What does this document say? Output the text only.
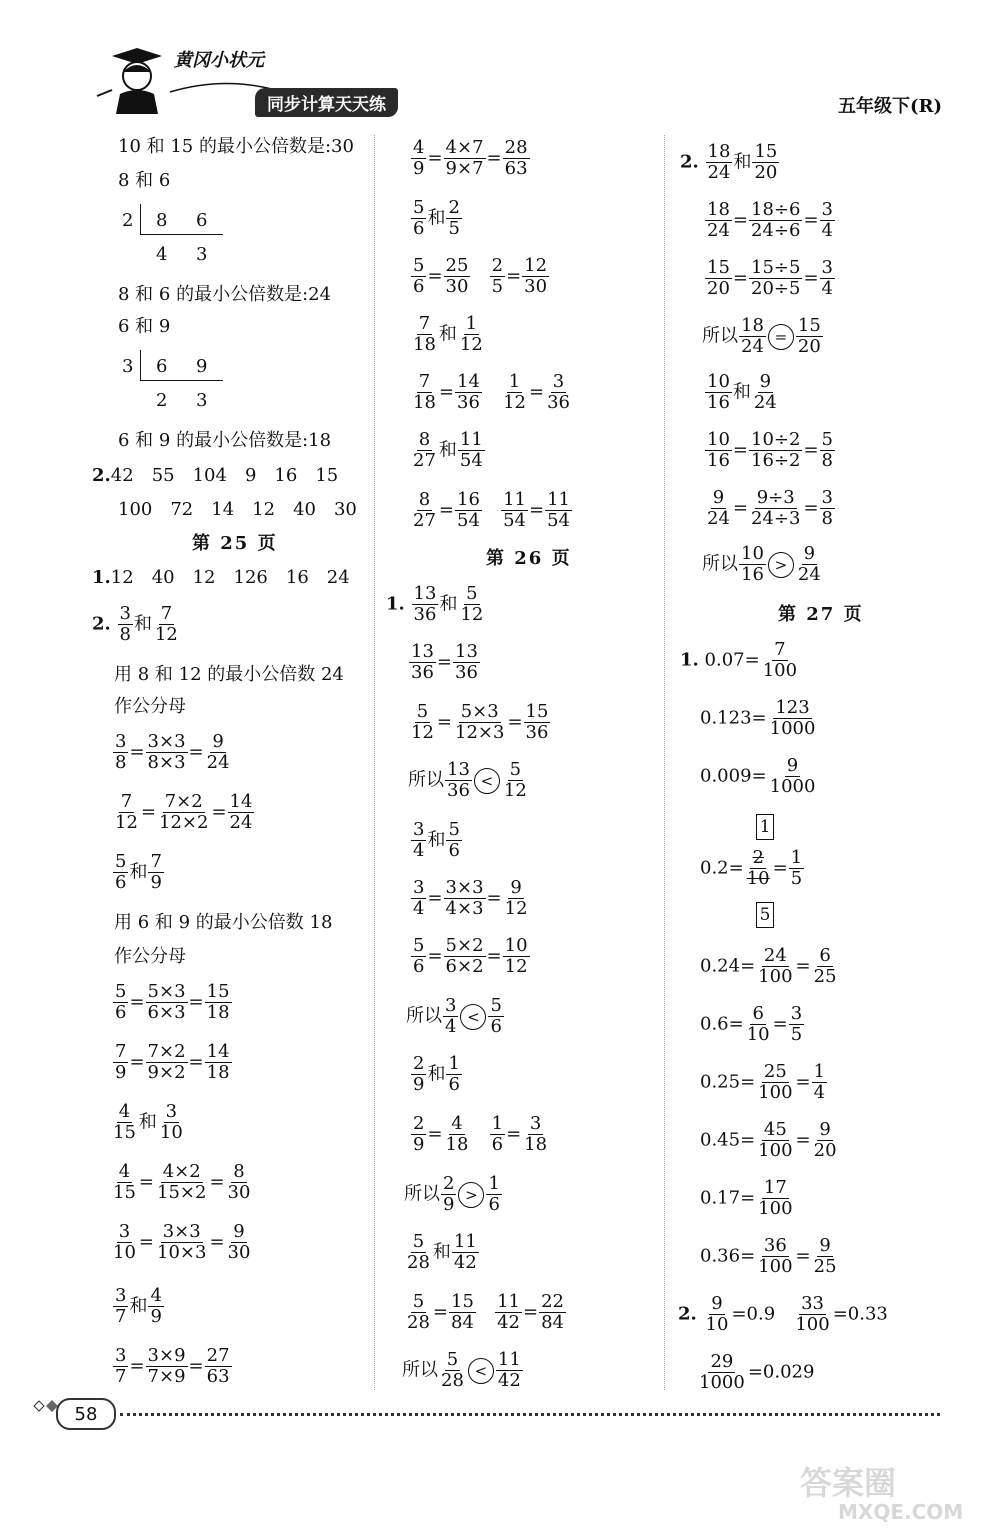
黄冈小状元
同步计算天天练	五年级下(R)
10 和 15 的最小公倍数是:30
8 和 6
2 8 6
4 3
8 和 6 的最小公倍数是:24
6 和 9
3 6 9
2 3
6 和 9 的最小公倍数是:18
2.42　55　104　9　16　15
100　72　14　12　40　30
第 25 页
1.12　40　12　126　16　24
2. $\frac{3}{8}$ 和 $\frac{7}{12}$
用 8 和 12 的最小公倍数 24
作公分母
$\frac{3}{8} = \frac{3\times 3}{8\times 3} = \frac{9}{24}$
$\frac{7}{12} = \frac{7\times 2}{12\times 2} = \frac{14}{24}$
$\frac{5}{6}$ 和 $\frac{7}{9}$
用 6 和 9 的最小公倍数 18
作公分母
$\frac{5}{6} = \frac{5\times 3}{6\times 3} = \frac{15}{18}$
$\frac{7}{9} = \frac{7\times 2}{9\times 2} = \frac{14}{18}$
$\frac{4}{15}$ 和 $\frac{3}{10}$
$\frac{4}{15} = \frac{4\times 2}{15\times 2} = \frac{8}{30}$
$\frac{3}{10} = \frac{3\times 3}{10\times 3} = \frac{9}{30}$
$\frac{3}{7}$ 和 $\frac{4}{9}$
$\frac{3}{7} = \frac{3\times 9}{7\times 9} = \frac{27}{63}$
$\frac{4}{9} = \frac{4\times 7}{9\times 7} = \frac{28}{63}$
$\frac{5}{6}$ 和 $\frac{2}{5}$
$\frac{5}{6} = \frac{25}{30}$
$\frac{2}{5} = \frac{12}{30}$
$\frac{7}{18}$ 和 $\frac{1}{12}$
$\frac{7}{18} = \frac{14}{36}$
$\frac{1}{12} = \frac{3}{36}$
$\frac{8}{27}$ 和 $\frac{11}{54}$
$\frac{8}{27} = \frac{16}{54}$
$\frac{11}{54} = \frac{11}{54}$
第 26 页
1. $\frac{13}{36}$ 和 $\frac{5}{12}$
$\frac{13}{36} = \frac{13}{36}$
$\frac{5}{12} = \frac{5\times 3}{12\times 3} = \frac{15}{36}$
所以 $\frac{13}{36} < \frac{5}{12}$
$\frac{3}{4}$ 和 $\frac{5}{6}$
$\frac{3}{4} = \frac{3\times 3}{4\times 3} = \frac{9}{12}$
$\frac{5}{6} = \frac{5\times 2}{6\times 2} = \frac{10}{12}$
所以 $\frac{3}{4} < \frac{5}{6}$
$\frac{2}{9}$ 和 $\frac{1}{6}$
$\frac{2}{9} = \frac{4}{18}$
$\frac{1}{6} = \frac{3}{18}$
所以 $\frac{2}{9} > \frac{1}{6}$
$\frac{5}{28}$ 和 $\frac{11}{42}$
$\frac{5}{28} = \frac{15}{84}$
$\frac{11}{42} = \frac{22}{84}$
所以 $\frac{5}{28} < \frac{11}{42}$
2. $\frac{18}{24}$ 和 $\frac{15}{20}$
$\frac{18}{24} = \frac{18\div 6}{24\div 6} = \frac{3}{4}$
$\frac{15}{20} = \frac{15\div 5}{20\div 5} = \frac{3}{4}$
所以 $\frac{18}{24} = \frac{15}{20}$
$\frac{10}{16}$ 和 $\frac{9}{24}$
$\frac{10}{16} = \frac{10\div 2}{16\div 2} = \frac{5}{8}$
$\frac{9}{24} = \frac{9\div 3}{24\div 3} = \frac{3}{8}$
所以 $\frac{10}{16} > \frac{9}{24}$
第 27 页
1. $0.07= \frac{7}{100}$
$0.123= \frac{123}{1000}$
$0.009= \frac{9}{1000}$
1
$0.2= \frac{2}{10} = \frac{1}{5}$
5
$0.24= \frac{24}{100} = \frac{6}{25}$
$0.6= \frac{6}{10} = \frac{3}{5}$
$0.25= \frac{25}{100} = \frac{1}{4}$
$0.45= \frac{45}{100} = \frac{9}{20}$
$0.17= \frac{17}{100}$
$0.36= \frac{36}{100} = \frac{9}{25}$
2. $\frac{9}{10} =0.9 \frac{33}{100} =0.33$
$\frac{29}{1000} =0.029$
58
答案圈
MXQE.COM
